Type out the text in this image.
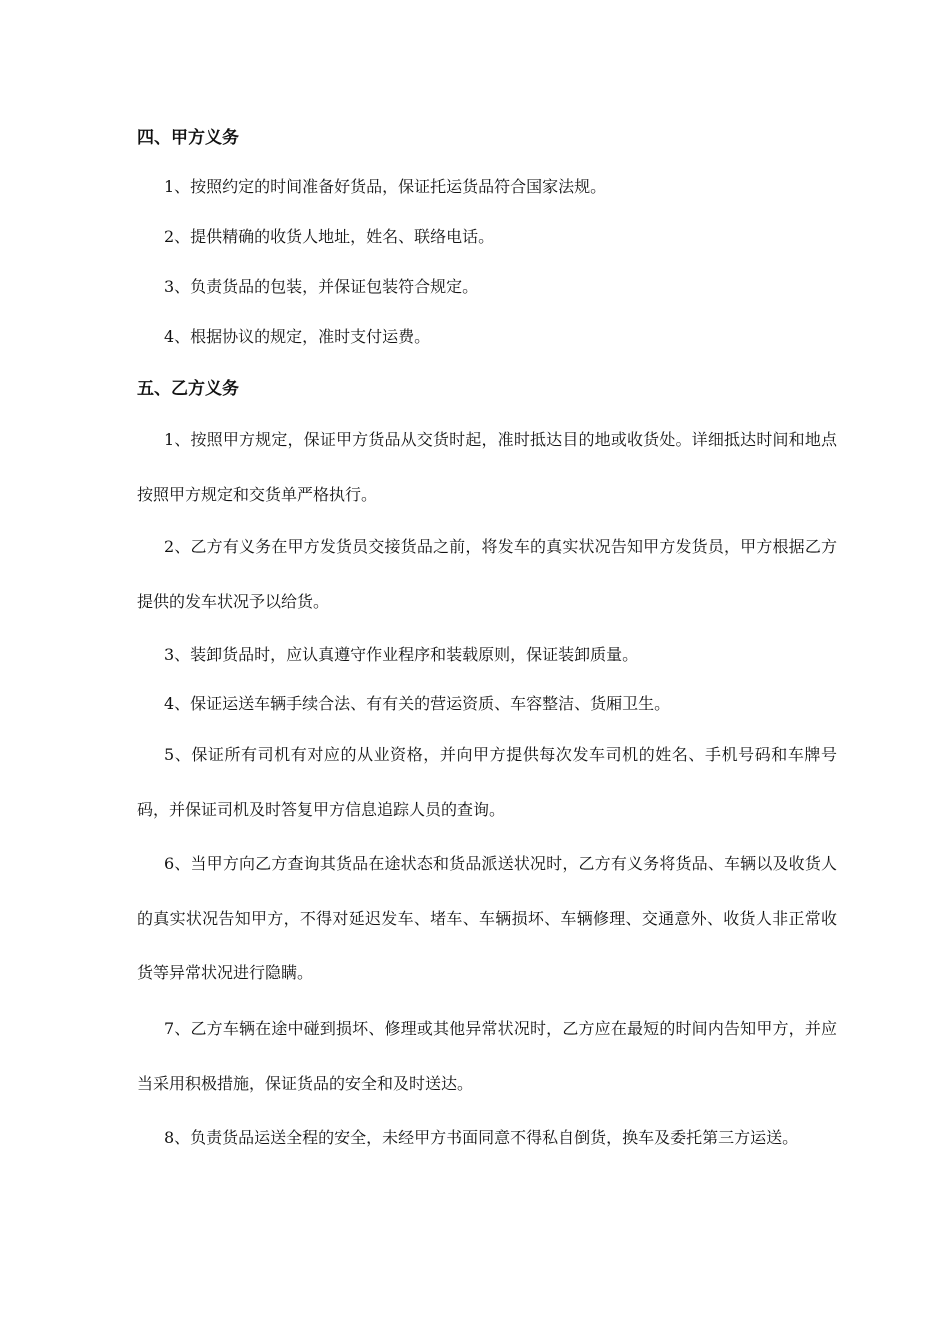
四、甲方义务

1、按照约定的时间准备好货品，保证托运货品符合国家法规。

2、提供精确的收货人地址，姓名、联络电话。

3、负责货品的包装，并保证包装符合规定。

4、根据协议的规定，准时支付运费。

五、乙方义务

1、按照甲方规定，保证甲方货品从交货时起，准时抵达目的地或收货处。详细抵达时间和地点按照甲方规定和交货单严格执行。

2、乙方有义务在甲方发货员交接货品之前，将发车的真实状况告知甲方发货员，甲方根据乙方提供的发车状况予以给货。

3、装卸货品时，应认真遵守作业程序和装载原则，保证装卸质量。

4、保证运送车辆手续合法、有有关的营运资质、车容整洁、货厢卫生。

5、保证所有司机有对应的从业资格，并向甲方提供每次发车司机的姓名、手机号码和车牌号码，并保证司机及时答复甲方信息追踪人员的查询。

6、当甲方向乙方查询其货品在途状态和货品派送状况时，乙方有义务将货品、车辆以及收货人的真实状况告知甲方，不得对延迟发车、堵车、车辆损坏、车辆修理、交通意外、收货人非正常收货等异常状况进行隐瞒。

7、乙方车辆在途中碰到损坏、修理或其他异常状况时，乙方应在最短的时间内告知甲方，并应当采用积极措施，保证货品的安全和及时送达。

8、负责货品运送全程的安全，未经甲方书面同意不得私自倒货，换车及委托第三方运送。
